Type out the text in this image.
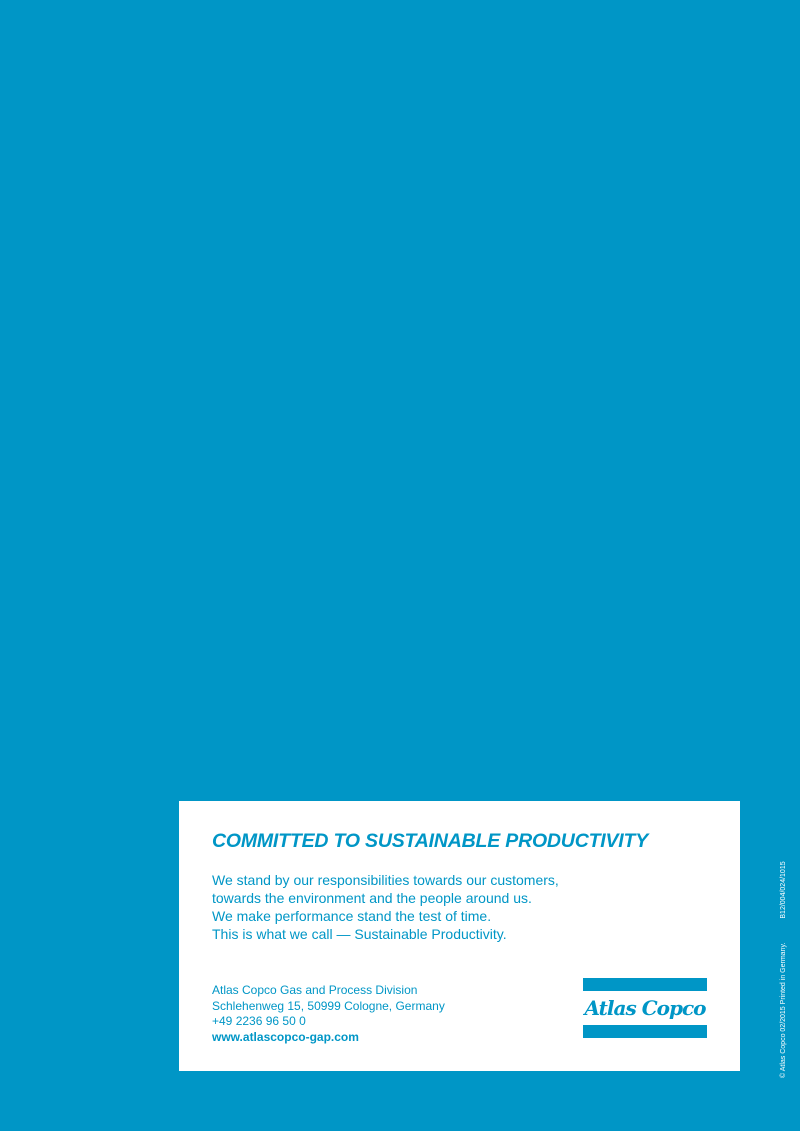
COMMITTED TO SUSTAINABLE PRODUCTIVITY
We stand by our responsibilities towards our customers,
towards the environment and the people around us.
We make performance stand the test of time.
This is what we call — Sustainable Productivity.
Atlas Copco Gas and Process Division
Schlehenweg 15, 50999 Cologne, Germany
+49 2236 96 50 0
www.atlascopco-gap.com
Atlas Copco	© Atlas Copco 02/2015 Printed in Germany.B12/004/024/1015
